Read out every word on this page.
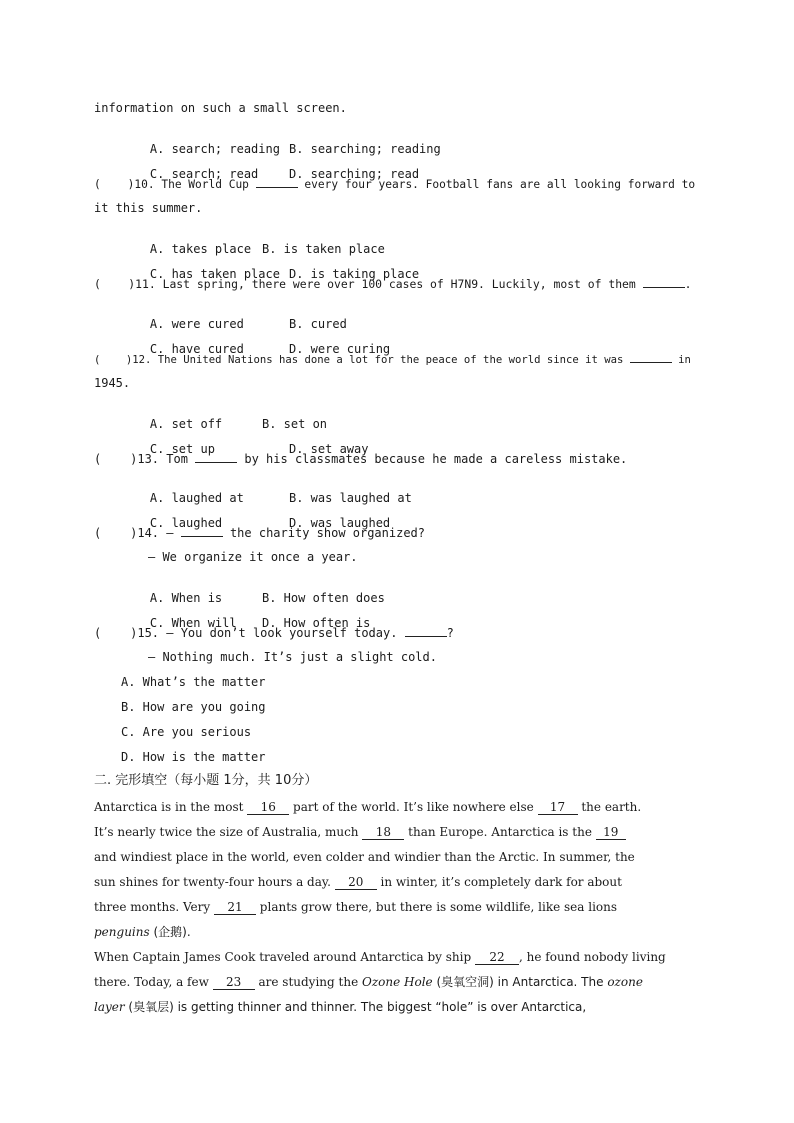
information on such a small screen.

A. search; reading B. searching; reading

C. search; read	D. searching; read

(    )10. The World Cup	every four years. Football fans are all looking forward to
it this summer.

A. takes place B. is taken place

C. has taken place D. is taking place

(    )11. Last spring, there were over 100 cases of H7N9. Luckily, most of them	.

A. were cured	B. cured

C. have cured	D. were curing

(    )12. The United Nations has done a lot for the peace of the world since it was	in
1945.

A. set off	B. set on

C. set up	D. set away

(    )13. Tom	by his classmates because he made a careless mistake.

A. laughed at	B. was laughed at

C. laughed	D. was laughed

(    )14. —	the charity show organized?
— We organize it once a year.

A. When is	B. How often does

C. When will D. How often is

(    )15. — You don’t look yourself today.	?
— Nothing much. It’s just a slight cold.
A. What’s the matter
B. How are you going
C. Are you serious
D. How is the matter
二. 完形填空（每小题 1分，共 10分）
Antarctica is in the most 16 part of the world. It’s like nowhere else 17 the earth.
It’s nearly twice the size of Australia, much 18 than Europe. Antarctica is the 19
and windiest place in the world, even colder and windier than the Arctic. In summer, the
sun shines for twenty-four hours a day. 20 in winter, it’s completely dark for about
three months. Very 21 plants grow there, but there is some wildlife, like sea lions
penguins (企鹅).
When Captain James Cook traveled around Antarctica by ship 22 , he found nobody living
there. Today, a few 23 are studying the Ozone Hole (臭氧空洞) in Antarctica. The ozone
layer (臭氧层) is getting thinner and thinner. The biggest “hole” is over Antarctica,
